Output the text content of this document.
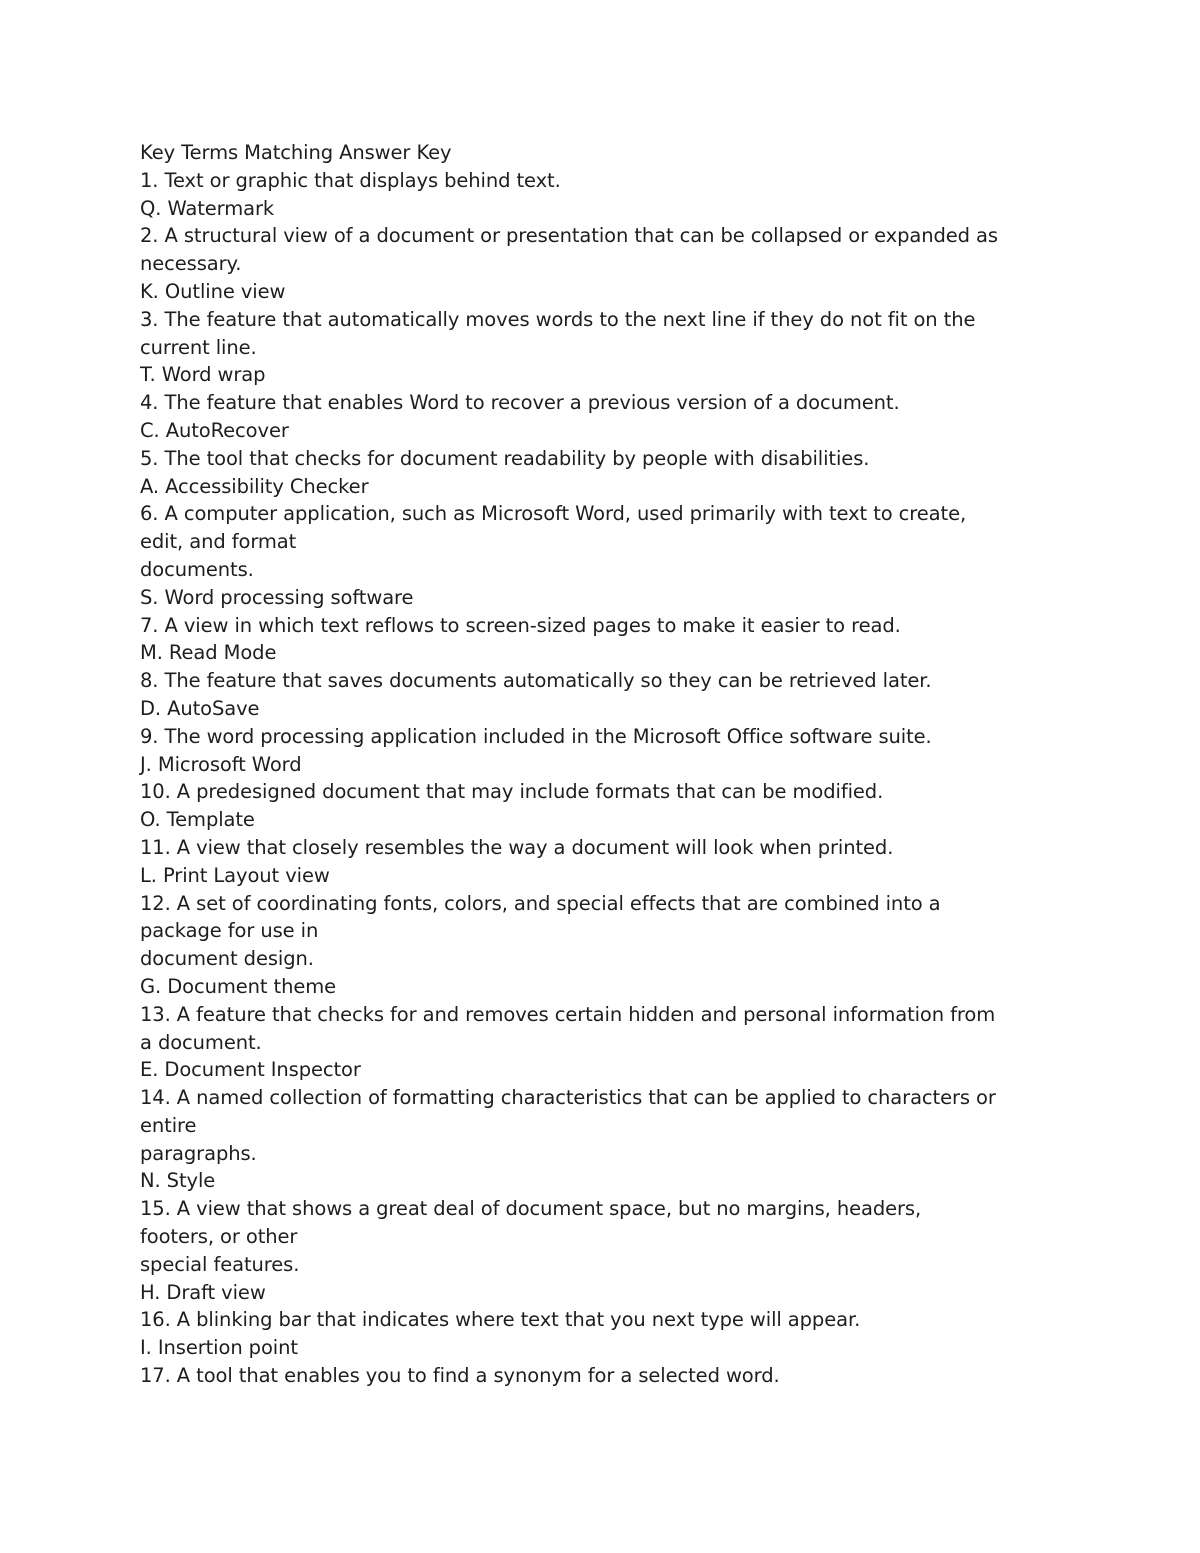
Key Terms Matching Answer Key
1. Text or graphic that displays behind text.
Q. Watermark
2. A structural view of a document or presentation that can be collapsed or expanded as
necessary.
K. Outline view
3. The feature that automatically moves words to the next line if they do not fit on the
current line.
T. Word wrap
4. The feature that enables Word to recover a previous version of a document.
C. AutoRecover
5. The tool that checks for document readability by people with disabilities.
A. Accessibility Checker
6. A computer application, such as Microsoft Word, used primarily with text to create,
edit, and format
documents.
S. Word processing software
7. A view in which text reflows to screen-sized pages to make it easier to read.
M. Read Mode
8. The feature that saves documents automatically so they can be retrieved later.
D. AutoSave
9. The word processing application included in the Microsoft Office software suite.
J. Microsoft Word
10. A predesigned document that may include formats that can be modified.
O. Template
11. A view that closely resembles the way a document will look when printed.
L. Print Layout view
12. A set of coordinating fonts, colors, and special effects that are combined into a
package for use in
document design.
G. Document theme
13. A feature that checks for and removes certain hidden and personal information from
a document.
E. Document Inspector
14. A named collection of formatting characteristics that can be applied to characters or
entire
paragraphs.
N. Style
15. A view that shows a great deal of document space, but no margins, headers,
footers, or other
special features.
H. Draft view
16. A blinking bar that indicates where text that you next type will appear.
I. Insertion point
17. A tool that enables you to find a synonym for a selected word.
